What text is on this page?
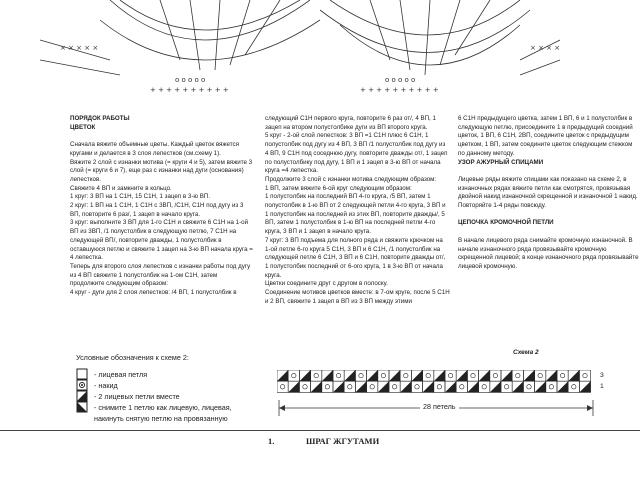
+ + + + + + + + + +	+ + + + + + + + + +
o o o o o	o o o o o
× × × × ×	× × × ×

ПОРЯДОК РАБОТЫ

ЦВЕТОК

Сначала вяжите объемные цветы. Каждый цветок вяжется кругами и делается в 3 слоя лепестков (см.схему 1).

Вяжите 2 слой с изнанки мотива (= круги 4 и 5), затем вяжите 3 слой (= круги 6 и 7), еще раз с изнанки над дуги (основания) лепестков.

Свяжите 4 ВП и замкните в кольцо.

1 круг: 3 ВП на 1 С1Н, 15 С1Н, 1 зацеп в 3-ю ВП.

2 круг: 1 ВП на 1 С1Н, 1 С1Н с 3ВП, /С1Н, С1Н под дугу из 3 ВП, повторите 6 раз/, 1 зацеп в начало круга.

3 круг: выполните 3 ВП для 1-го С1Н и свяжите 6 С1Н на 1-ой ВП из 3ВП, /1 полустолбик в следующую петлю, 7 С1Н на следующей ВП/, повторите дважды, 1 полустолбик в оставшуюся петлю и свяжите 1 зацеп на 3-ю ВП начала круга = 4 лепестка.

Теперь для второго слоя лепестков с изнанки работы под дугу из 4 ВП свяжите 1 полустолбик на 1-ом С1Н, затем продолжите следующим образом:

4 круг - дуги для 2 слоя лепестков: /4 ВП, 1 полустолбик в

следующий С1Н первого круга, повторите 6 раз от/, 4 ВП, 1 зацеп на втором полустолбике дуги из ВП второго круга.

5 круг - 2-ой слой лепестков: 3 ВП =1 С1Н плюс 6 С1Н, 1 полустолбик под дугу из 4 ВП, 3 ВП /1 полустолбик под дугу из 4 ВП, 9 С1Н под соседнюю дугу, повторите дважды от/, 1 зацеп по полустолбику под дугу, 1 ВП и 1 зацеп в 3-ю ВП от начала круга =4 лепестка.

Продолжите 3 слой с изнанки мотива следующим образом:

1 ВП, затем вяжите 6-ой круг следующим образом:

1 полустолбик на последний ВП 4-го круга, /5 ВП, затем 1 полустолбик в 1-ю ВП от 2 следующей петли 4-го круга, 3 ВП и 1 полустолбик на последней из этих ВП, повторите дважды/, 5 ВП, затем 1 полустолбик в 1-ю ВП на последней петли 4-го круга, 3 ВП и 1 зацеп в начало круга.

7 круг: 3 ВП подъема для полного ряда и свяжите крючком на 1-ой петле 6-го круга 5 С1Н, 3 ВП и 6 С1Н, /1 полустолбик на следующей петле 6 С1Н, 3 ВП и 6 С1Н, повторите дважды от/, 1 полустолбик последний от 6-ого круга, 1 в 3-ю ВП от начала круга.

Цветки соедините друг с другом в полоску.

Соединение мотивов цветков вместе: в 7-ом круге, после 5 С1Н и 2 ВП, свяжите 1 зацеп в ВП из 3 ВП между этими

6 С1Н предыдущего цветка, затем 1 ВП, 6 и 1 полустолбик в следующую петлю, присоедините 1 в предыдущий соседний цветок, 1 ВП, 6 С1Н, 2ВП, соедините цветок с предыдущим цветком, 1 ВП, затем соедините цветок следующим стежком по данному методу.

УЗОР АЖУРНЫЙ СПИЦАМИ

Лицевые ряды вяжите спицами как показано на схеме 2, в изнаночных рядах вяжите петли как смотрятся, провязывая двойной накид изнаночной скрещенной и изнаночной 1 накид. Повторяйте 1-4 ряды повсюду.

ЦЕПОЧКА КРОМОЧНОЙ ПЕТЛИ

В начале лицевого ряда снимайте кромочную изнаночной. В начале изнаночного ряда провязывайте кромочную скрещенной лицевой; в конце изнаночного ряда провязывайте лицевой кромочную.

Условные обозначения к схеме 2:

- лицевая петля
- накид
- 2 лицевых петли вместе
- снимите 1 петлю как лицевую, лицевая,
накинуть снятую петлю на провязанную
Схема 2
3
1
28 петель
1.	ШРАГ ЖГУТАМИ
